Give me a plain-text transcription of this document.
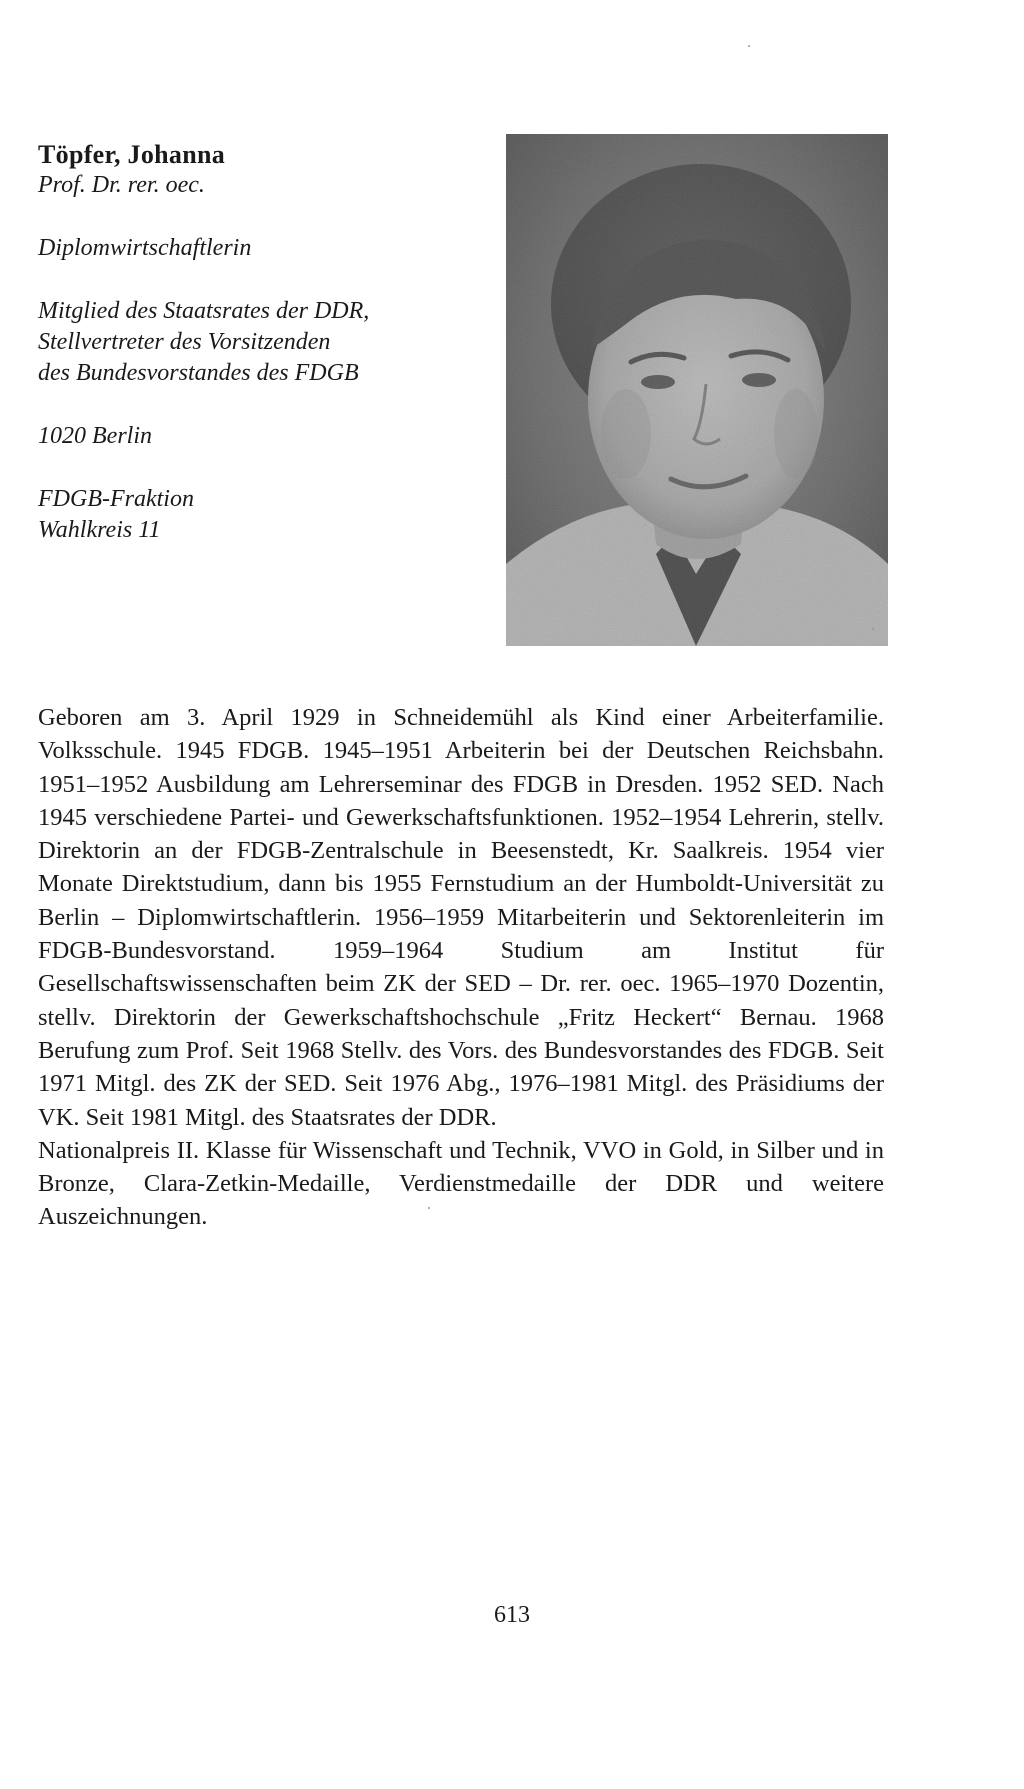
Töpfer, Johanna

Prof. Dr. rer. oec.

Diplomwirtschaftlerin

Mitglied des Staatsrates der DDR,

Stellvertreter des Vorsitzenden

des Bundesvorstandes des FDGB

1020 Berlin

FDGB-Fraktion

Wahlkreis 11

Geboren am 3. April 1929 in Schneidemühl als Kind einer Arbeiterfamilie. Volksschule. 1945 FDGB. 1945–1951 Arbeiterin bei der Deutschen Reichsbahn. 1951–1952 Ausbildung am Lehrerseminar des FDGB in Dresden. 1952 SED. Nach 1945 verschiedene Partei- und Gewerkschaftsfunktionen. 1952–1954 Lehrerin, stellv. Direktorin an der FDGB-Zentralschule in Beesenstedt, Kr. Saalkreis. 1954 vier Monate Direktstudium, dann bis 1955 Fernstudium an der Humboldt-Universität zu Berlin – Diplomwirtschaftlerin. 1956–1959 Mitarbeiterin und Sektorenleiterin im FDGB-Bundesvorstand. 1959–1964 Studium am Institut für Gesellschaftswissenschaften beim ZK der SED – Dr. rer. oec. 1965–1970 Dozentin, stellv. Direktorin der Gewerkschaftshochschule „Fritz Heckert“ Bernau. 1968 Berufung zum Prof. Seit 1968 Stellv. des Vors. des Bundesvorstandes des FDGB. Seit 1971 Mitgl. des ZK der SED. Seit 1976 Abg., 1976–1981 Mitgl. des Präsidiums der VK. Seit 1981 Mitgl. des Staatsrates der DDR.

Nationalpreis II. Klasse für Wissenschaft und Technik, VVO in Gold, in Silber und in Bronze, Clara-Zetkin-Medaille, Verdienstmedaille der DDR und weitere Auszeichnungen.

613
